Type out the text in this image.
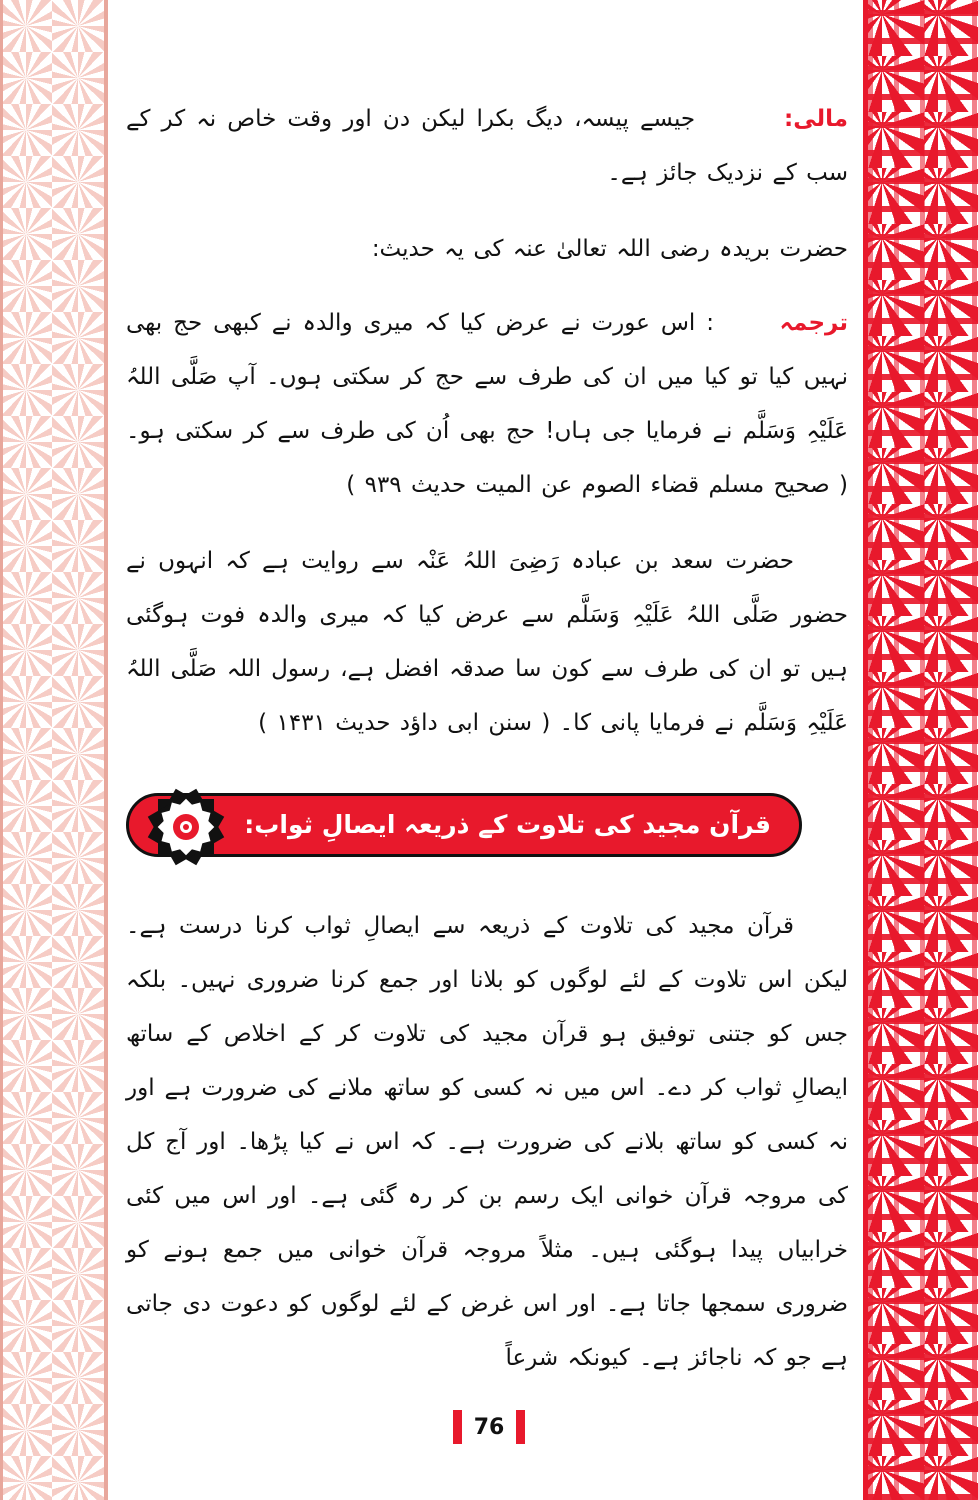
مالی:        جیسے پیسہ، دیگ بکرا لیکن دن اور وقت خاص نہ کر کے سب کے نزدیک جائز ہے۔

حضرت بریدہ رضی اللہ تعالیٰ عنہ کی یہ حدیث:

ترجمہ      : اس عورت نے عرض کیا کہ میری والدہ نے کبھی حج بھی نہیں کیا تو کیا میں ان کی طرف سے حج کر سکتی ہوں۔ آپ صَلَّی اللہُ عَلَیْہِ وَسَلَّم نے فرمایا جی ہاں! حج بھی اُن کی طرف سے کر سکتی ہو۔ ( صحیح مسلم قضاء الصوم عن المیت حدیث ۹۳۹ )

حضرت سعد بن عبادہ رَضِیَ اللہُ عَنْہ سے روایت ہے کہ انہوں نے حضور صَلَّی اللہُ عَلَیْہِ وَسَلَّم سے عرض کیا کہ میری والدہ فوت ہوگئی ہیں تو ان کی طرف سے کون سا صدقہ افضل ہے، رسول اللہ صَلَّی اللہُ عَلَیْہِ وَسَلَّم نے فرمایا پانی کا۔ ( سنن ابی داؤد حدیث ۱۴۳۱ )

قرآن مجید کی تلاوت کے ذریعہ ایصالِ ثواب:

قرآن مجید کی تلاوت کے ذریعہ سے ایصالِ ثواب کرنا درست ہے۔ لیکن اس تلاوت کے لئے لوگوں کو بلانا اور جمع کرنا ضروری نہیں۔ بلکہ جس کو جتنی توفیق ہو قرآن مجید کی تلاوت کر کے اخلاص کے ساتھ ایصالِ ثواب کر دے۔ اس میں نہ کسی کو ساتھ ملانے کی ضرورت ہے اور نہ کسی کو ساتھ بلانے کی ضرورت ہے۔ کہ اس نے کیا پڑھا۔ اور آج کل کی مروجہ قرآن خوانی ایک رسم بن کر رہ گئی ہے۔ اور اس میں کئی خرابیاں پیدا ہوگئی ہیں۔ مثلاً مروجہ قرآن خوانی میں جمع ہونے کو ضروری سمجھا جاتا ہے۔ اور اس غرض کے لئے لوگوں کو دعوت دی جاتی ہے جو کہ ناجائز ہے۔ کیونکہ شرعاً

76
